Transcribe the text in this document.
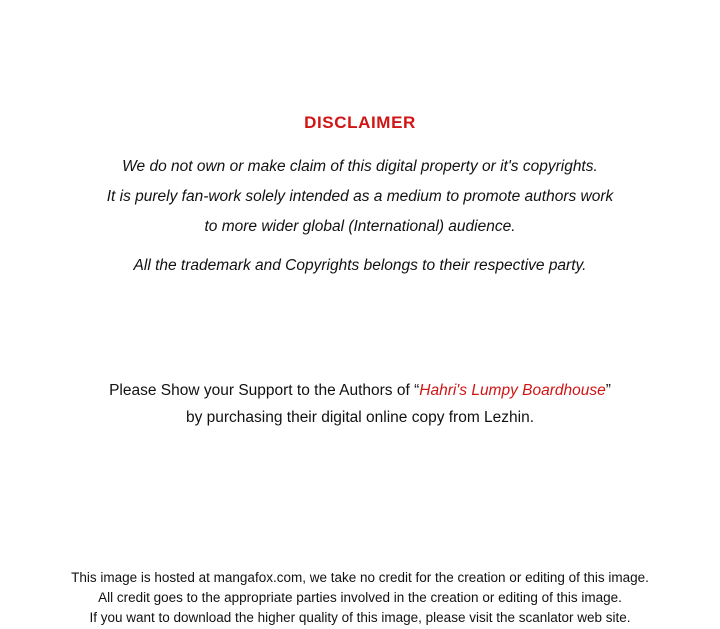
DISCLAIMER
We do not own or make claim of this digital property or it's copyrights.
It is purely fan-work solely intended as a medium to promote authors work
to more wider global (International) audience.
All the trademark and Copyrights belongs to their respective party.
Please Show your Support to the Authors of “Hahri's Lumpy Boardhouse”
by purchasing their digital online copy from Lezhin.
This image is hosted at mangafox.com, we take no credit for the creation or editing of this image.
All credit goes to the appropriate parties involved in the creation or editing of this image.
If you want to download the higher quality of this image, please visit the scanlator web site.
